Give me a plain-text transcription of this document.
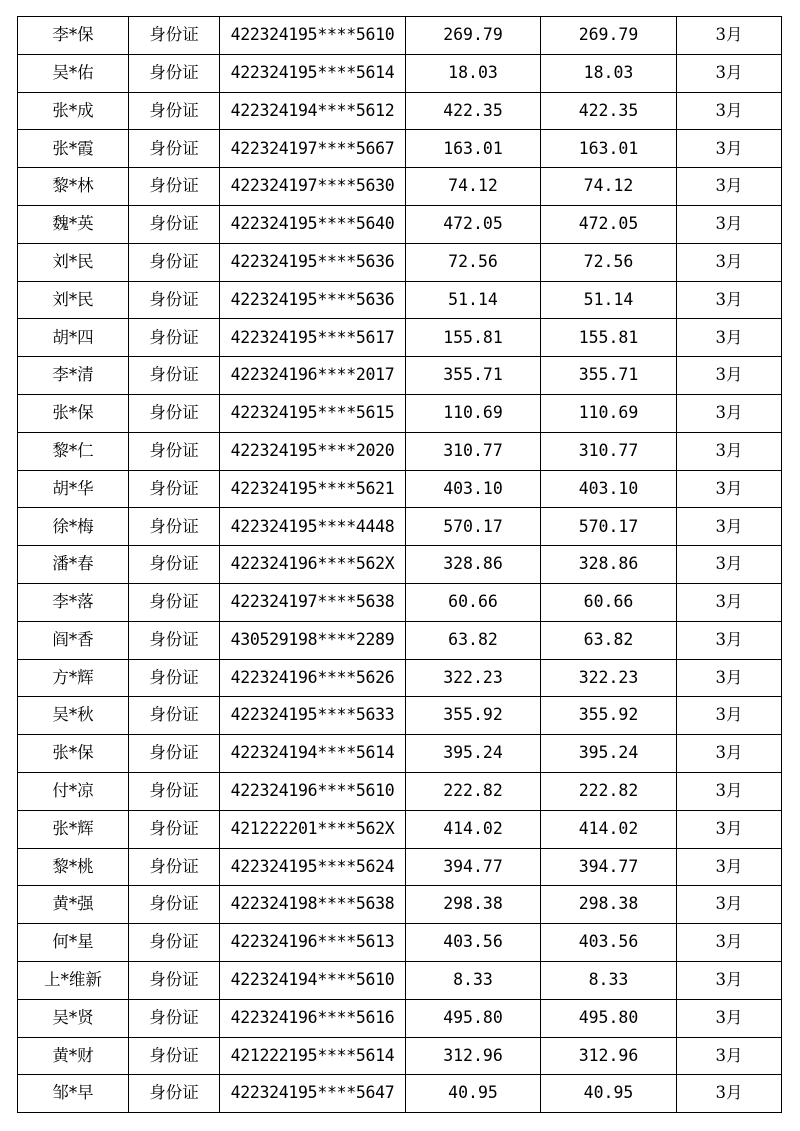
李*保	身份证	422324195****5610	269.79	269.79	3月
吴*佑	身份证	422324195****5614	18.03	18.03	3月
张*成	身份证	422324194****5612	422.35	422.35	3月
张*霞	身份证	422324197****5667	163.01	163.01	3月
黎*林	身份证	422324197****5630	74.12	74.12	3月
魏*英	身份证	422324195****5640	472.05	472.05	3月
刘*民	身份证	422324195****5636	72.56	72.56	3月
刘*民	身份证	422324195****5636	51.14	51.14	3月
胡*四	身份证	422324195****5617	155.81	155.81	3月
李*清	身份证	422324196****2017	355.71	355.71	3月
张*保	身份证	422324195****5615	110.69	110.69	3月
黎*仁	身份证	422324195****2020	310.77	310.77	3月
胡*华	身份证	422324195****5621	403.10	403.10	3月
徐*梅	身份证	422324195****4448	570.17	570.17	3月
潘*春	身份证	422324196****562X	328.86	328.86	3月
李*落	身份证	422324197****5638	60.66	60.66	3月
阎*香	身份证	430529198****2289	63.82	63.82	3月
方*辉	身份证	422324196****5626	322.23	322.23	3月
吴*秋	身份证	422324195****5633	355.92	355.92	3月
张*保	身份证	422324194****5614	395.24	395.24	3月
付*凉	身份证	422324196****5610	222.82	222.82	3月
张*辉	身份证	421222201****562X	414.02	414.02	3月
黎*桃	身份证	422324195****5624	394.77	394.77	3月
黄*强	身份证	422324198****5638	298.38	298.38	3月
何*星	身份证	422324196****5613	403.56	403.56	3月
上*维新	身份证	422324194****5610	8.33	8.33	3月
吴*贤	身份证	422324196****5616	495.80	495.80	3月
黄*财	身份证	421222195****5614	312.96	312.96	3月
邹*早	身份证	422324195****5647	40.95	40.95	3月
